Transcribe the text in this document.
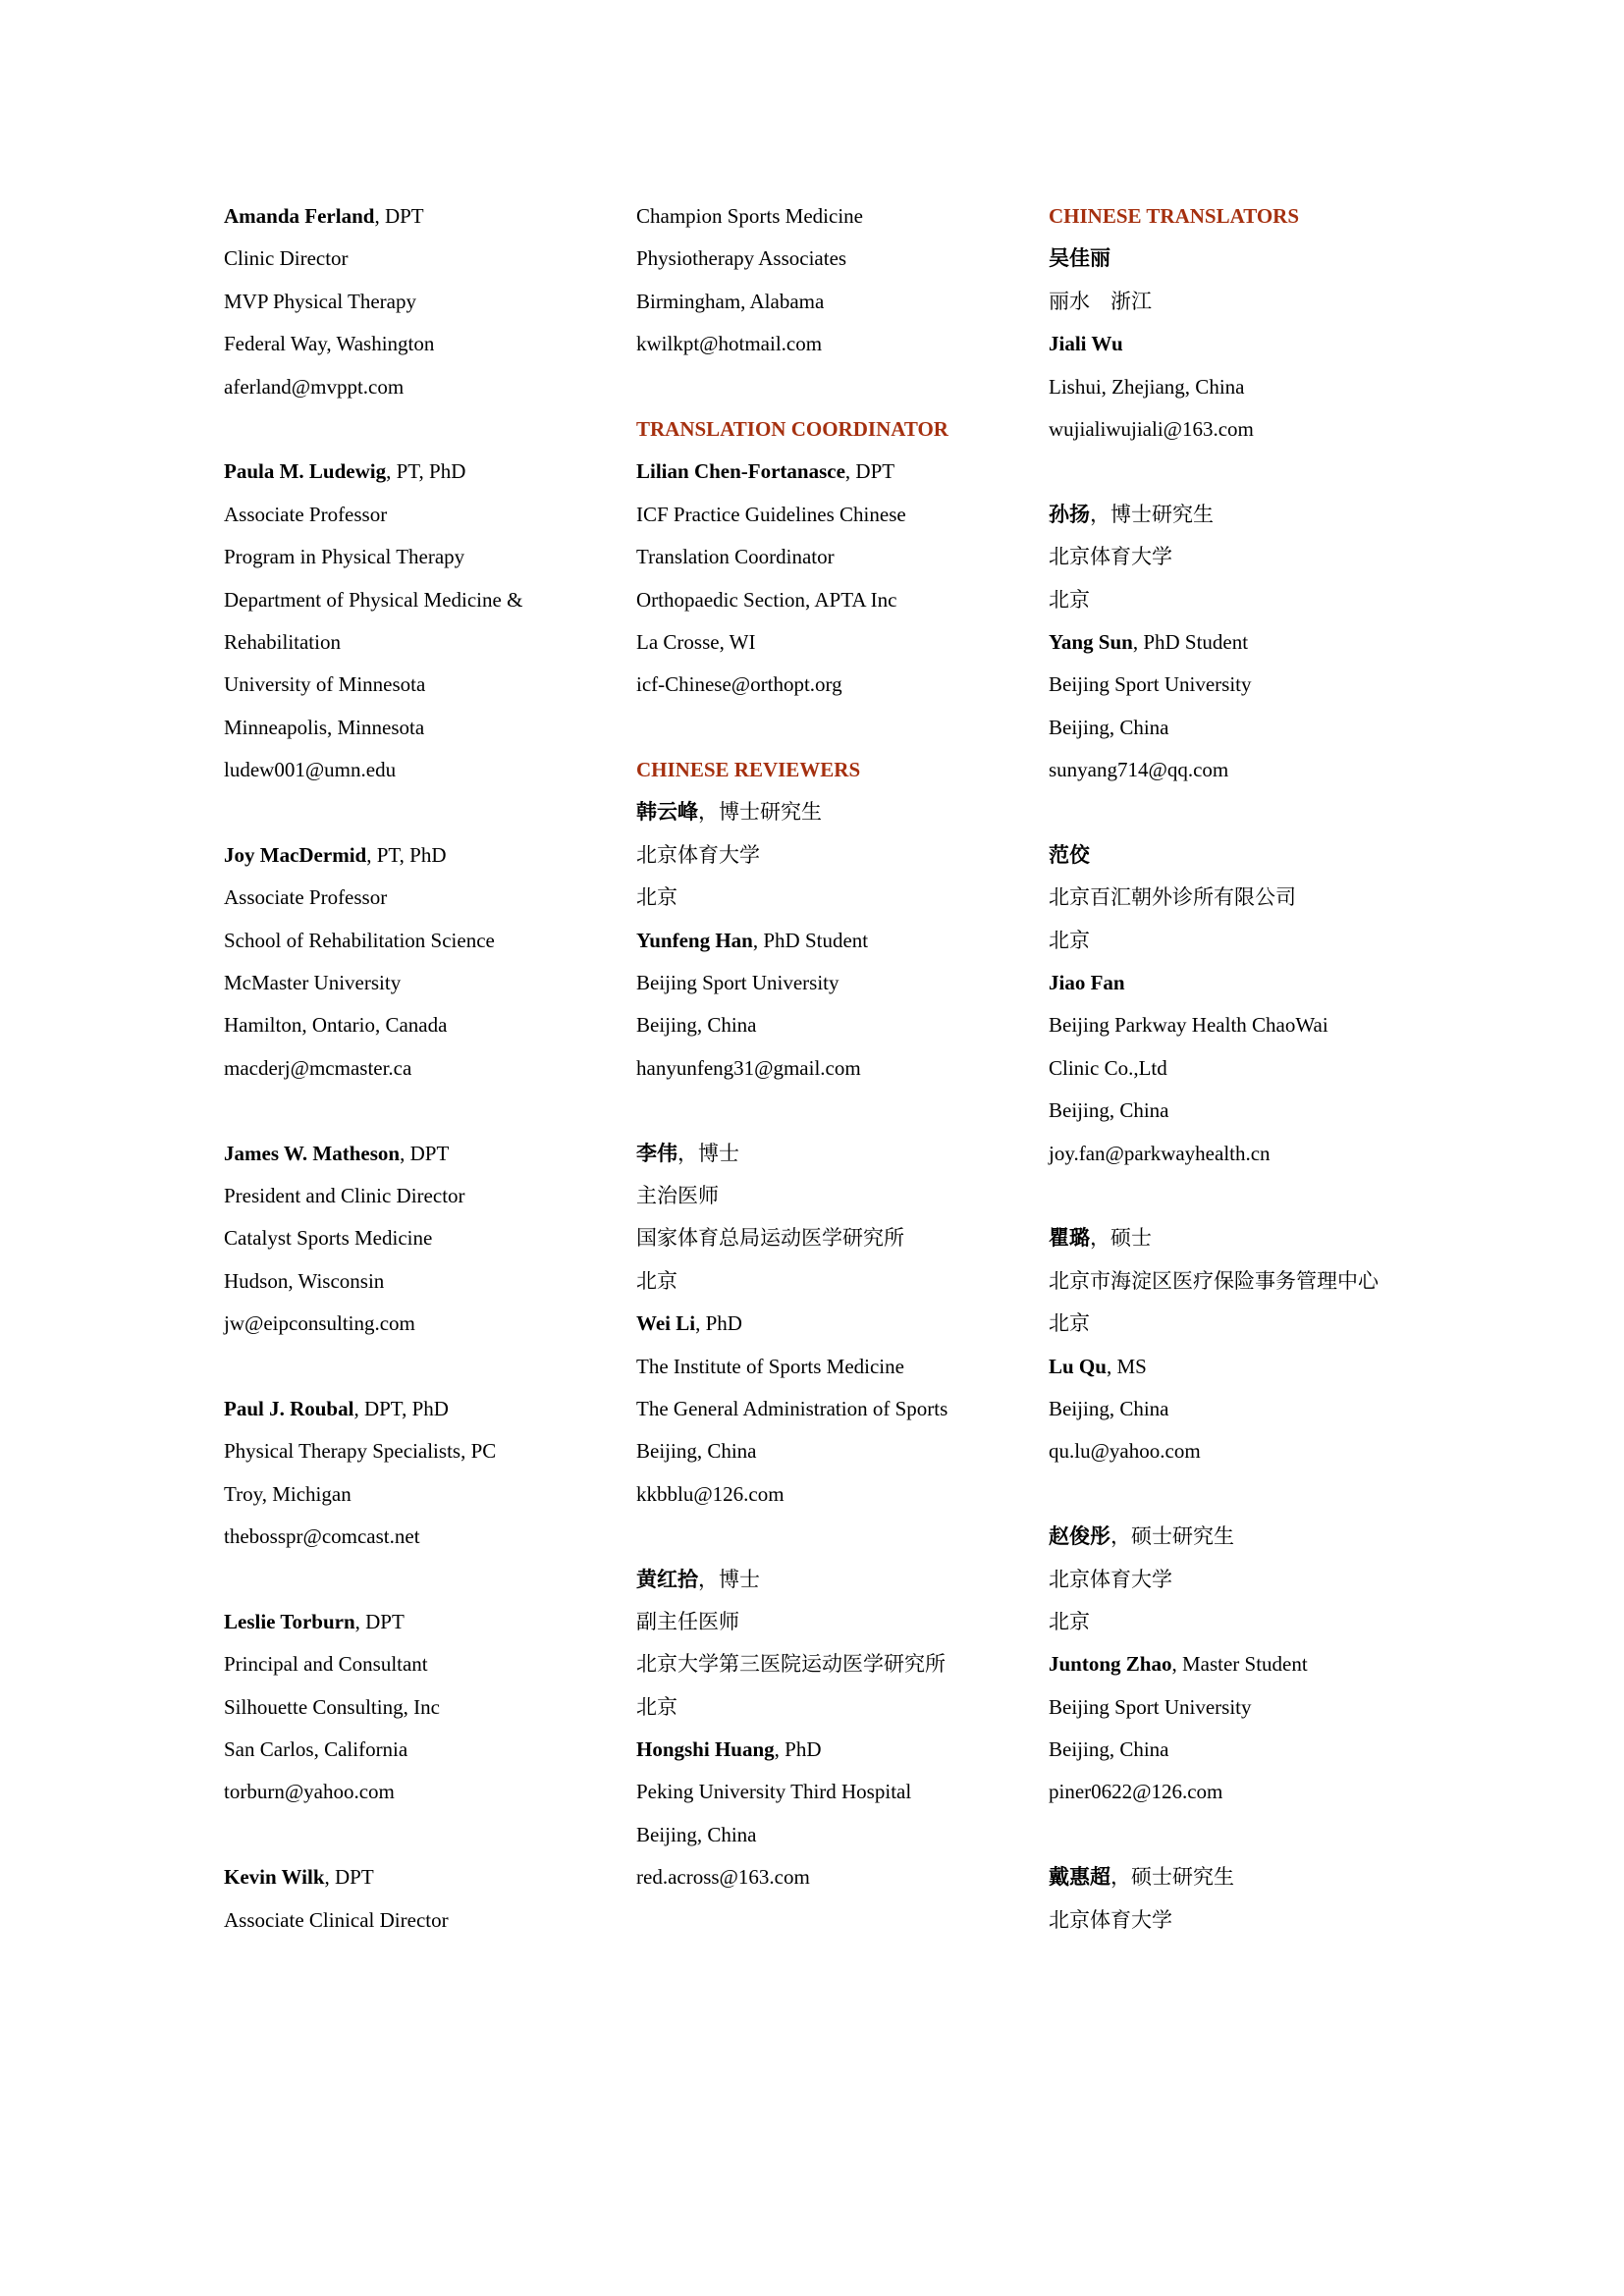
Amanda Ferland, DPT
Clinic Director
MVP Physical Therapy
Federal Way, Washington
aferland@mvppt.com
Paula M. Ludewig, PT, PhD
Associate Professor
Program in Physical Therapy
Department of Physical Medicine &
Rehabilitation
University of Minnesota
Minneapolis, Minnesota
ludew001@umn.edu
Joy MacDermid, PT, PhD
Associate Professor
School of Rehabilitation Science
McMaster University
Hamilton, Ontario, Canada
macderj@mcmaster.ca
James W. Matheson, DPT
President and Clinic Director
Catalyst Sports Medicine
Hudson, Wisconsin
jw@eipconsulting.com
Paul J. Roubal, DPT, PhD
Physical Therapy Specialists, PC
Troy, Michigan
thebosspr@comcast.net
Leslie Torburn, DPT
Principal and Consultant
Silhouette Consulting, Inc
San Carlos, California
torburn@yahoo.com
Kevin Wilk, DPT
Associate Clinical Director
Champion Sports Medicine
Physiotherapy Associates
Birmingham, Alabama
kwilkpt@hotmail.com
TRANSLATION COORDINATOR
Lilian Chen-Fortanasce, DPT
ICF Practice Guidelines Chinese
Translation Coordinator
Orthopaedic Section, APTA Inc
La Crosse, WI
icf-Chinese@orthopt.org
CHINESE REVIEWERS
韩云峰，博士研究生
北京体育大学
北京
Yunfeng Han, PhD Student
Beijing Sport University
Beijing, China
hanyunfeng31@gmail.com
李伟，博士
主治医师
国家体育总局运动医学研究所
北京
Wei Li, PhD
The Institute of Sports Medicine
The General Administration of Sports
Beijing, China
kkbblu@126.com
黄红拾，博士
副主任医师
北京大学第三医院运动医学研究所
北京
Hongshi Huang, PhD
Peking University Third Hospital
Beijing, China
red.across@163.com
CHINESE TRANSLATORS
吴佳丽
丽水　浙江
Jiali Wu
Lishui, Zhejiang, China
wujialiwujiali@163.com
孙扬，博士研究生
北京体育大学
北京
Yang Sun, PhD Student
Beijing Sport University
Beijing, China
sunyang714@qq.com
范佼
北京百汇朝外诊所有限公司
北京
Jiao Fan
Beijing Parkway Health ChaoWai
Clinic Co.,Ltd
Beijing, China
joy.fan@parkwayhealth.cn
瞿璐，硕士
北京市海淀区医疗保险事务管理中心
北京
Lu Qu, MS
Beijing, China
qu.lu@yahoo.com
赵俊彤，硕士研究生
北京体育大学
北京
Juntong Zhao, Master Student
Beijing Sport University
Beijing, China
piner0622@126.com
戴惠超，硕士研究生
北京体育大学
